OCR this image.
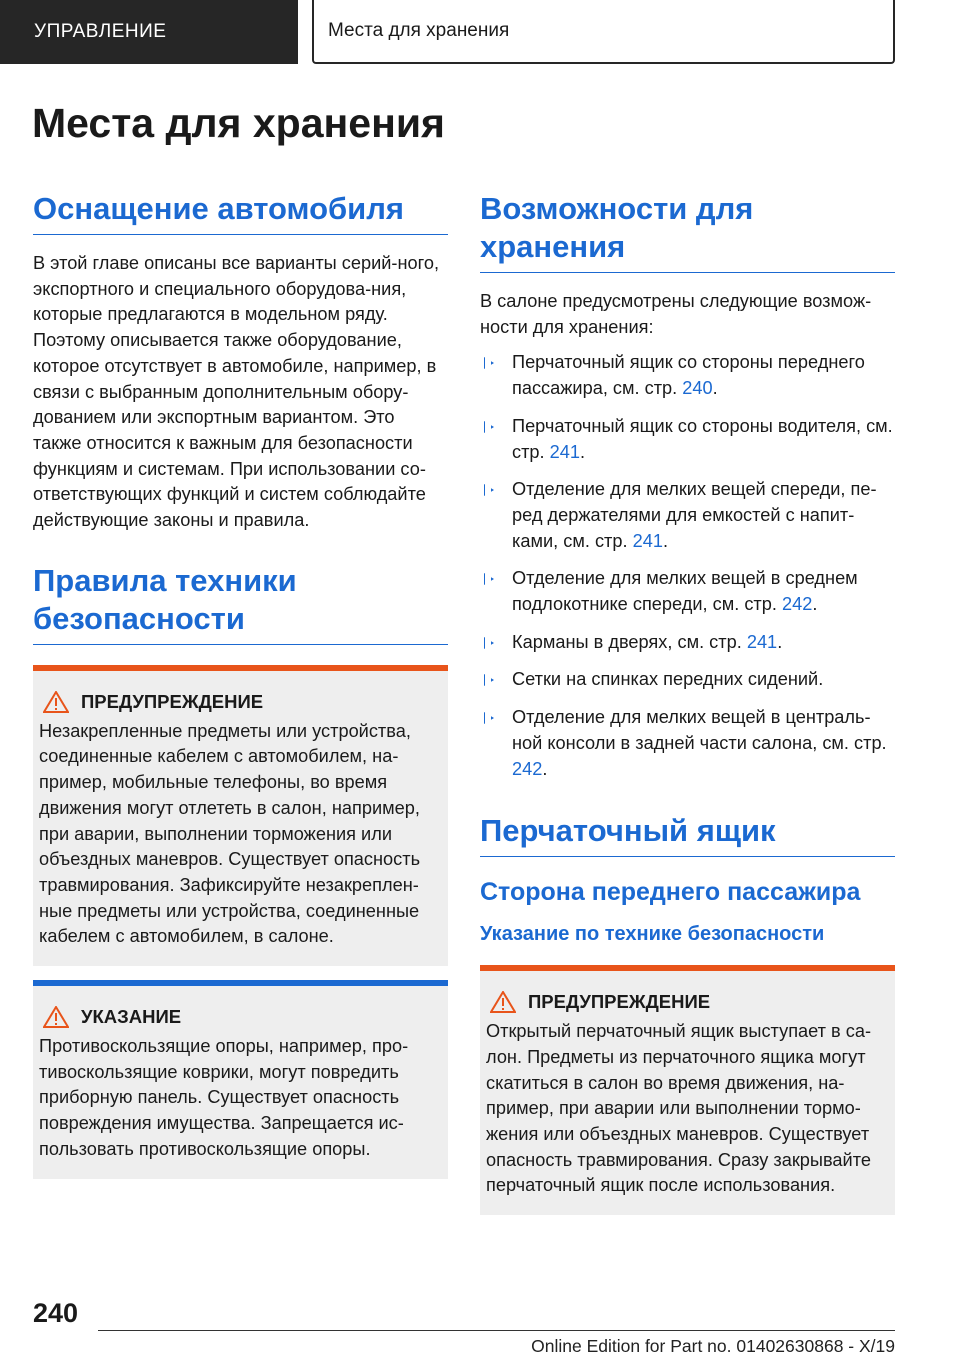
УПРАВЛЕНИЕ	Места для хранения
Места для хранения
Оснащение автомобиля

В этой главе описаны все варианты серий-ного, экспортного и специального оборудова-ния, которые предлагаются в модельном ряду. Поэтому описывается также оборудование, которое отсутствует в автомобиле, например, в связи с выбранным дополнительным обору-дованием или экспортным вариантом. Это также относится к важным для безопасности функциям и системам. При использовании со-ответствующих функций и систем соблюдайте действующие законы и правила.

Правила техники безопасности
ПРЕДУПРЕЖДЕНИЕ

Незакрепленные предметы или устройства, соединенные кабелем с автомобилем, на-пример, мобильные телефоны, во время движения могут отлететь в салон, например, при аварии, выполнении торможения или объездных маневров. Существует опасность травмирования. Зафиксируйте незакреплен-ные предметы или устройства, соединенные кабелем с автомобилем, в салоне.

УКАЗАНИЕ

Противоскользящие опоры, например, про-тивоскользящие коврики, могут повредить приборную панель. Существует опасность повреждения имущества. Запрещается ис-пользовать противоскользящие опоры.

Возможности для хранения

В салоне предусмотрены следующие возмож-ности для хранения:

Перчаточный ящик со стороны переднего пассажира, см. стр. 240.
Перчаточный ящик со стороны водителя, см. стр. 241.
Отделение для мелких вещей спереди, пе-ред держателями для емкостей с напит-ками, см. стр. 241.
Отделение для мелких вещей в среднем подлокотнике спереди, см. стр. 242.
Карманы в дверях, см. стр. 241.
Сетки на спинках передних сидений.
Отделение для мелких вещей в централь-ной консоли в задней части салона, см. стр. 242.
Перчаточный ящик
Сторона переднего пассажира
Указание по технике безопасности
ПРЕДУПРЕЖДЕНИЕ

Открытый перчаточный ящик выступает в са-лон. Предметы из перчаточного ящика могут скатиться в салон во время движения, на-пример, при аварии или выполнении тормо-жения или объездных маневров. Существует опасность травмирования. Сразу закрывайте перчаточный ящик после использования.

240
Online Edition for Part no. 01402630868 - X/19
